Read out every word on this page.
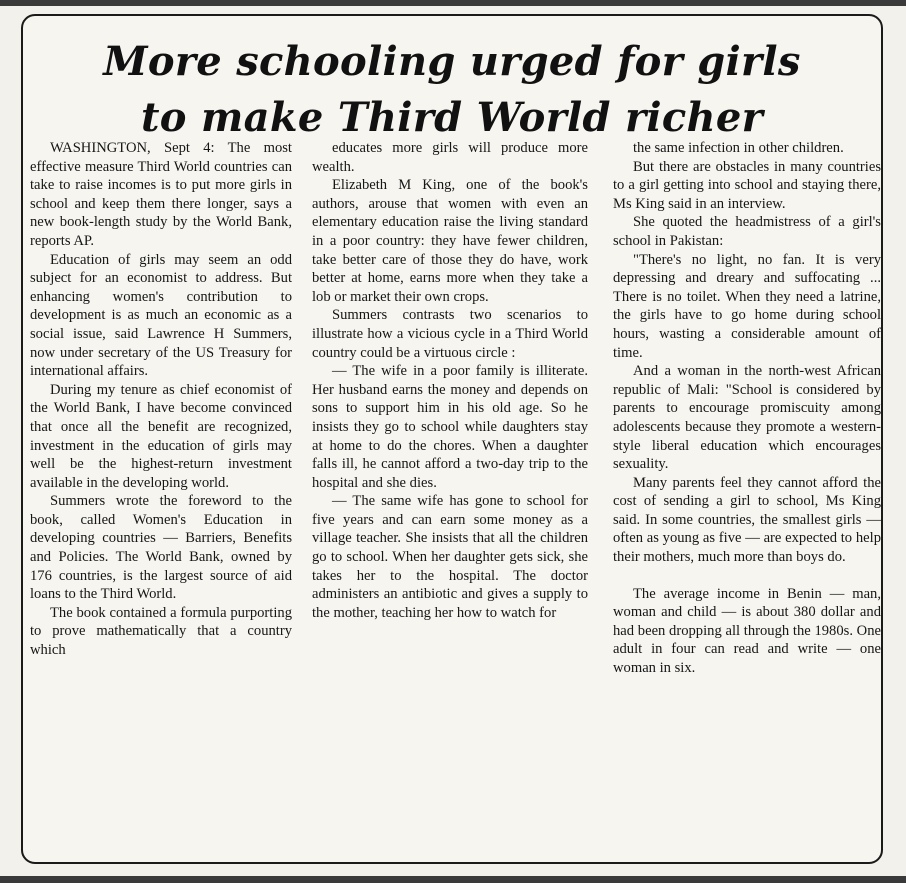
More schooling urged for girls
to make Third World richer

WASHINGTON, Sept 4: The most effective measure Third World countries can take to raise incomes is to put more girls in school and keep them there longer, says a new book-length study by the World Bank, reports AP.

Education of girls may seem an odd subject for an economist to address. But enhancing women's contribution to development is as much an economic as a social issue, said Lawrence H Summers, now under secretary of the US Treasury for international affairs.

During my tenure as chief economist of the World Bank, I have become convinced that once all the benefit are recognized, investment in the education of girls may well be the highest-return investment available in the developing world.

Summers wrote the foreword to the book, called Women's Education in developing countries — Barriers, Benefits and Policies. The World Bank, owned by 176 countries, is the largest source of aid loans to the Third World.

The book contained a formula purporting to prove mathematically that a country which

educates more girls will produce more wealth.

Elizabeth M King, one of the book's authors, arouse that women with even an elementary education raise the living standard in a poor country: they have fewer children, take better care of those they do have, work better at home, earns more when they take a lob or market their own crops.

Summers contrasts two scenarios to illustrate how a vicious cycle in a Third World country could be a virtuous circle :

— The wife in a poor family is illiterate. Her husband earns the money and depends on sons to support him in his old age. So he insists they go to school while daughters stay at home to do the chores. When a daughter falls ill, he cannot afford a two-day trip to the hospital and she dies.

— The same wife has gone to school for five years and can earn some money as a village teacher. She insists that all the children go to school. When her daughter gets sick, she takes her to the hospital. The doctor administers an antibiotic and gives a supply to the mother, teaching her how to watch for

the same infection in other children.

But there are obstacles in many countries to a girl getting into school and staying there, Ms King said in an interview.

She quoted the headmistress of a girl's school in Pakistan:

"There's no light, no fan. It is very depressing and dreary and suffocating ... There is no toilet. When they need a latrine, the girls have to go home during school hours, wasting a considerable amount of time.

And a woman in the north-west African republic of Mali: "School is considered by parents to encourage promiscuity among adolescents because they promote a western-style liberal education which encourages sexuality.

Many parents feel they cannot afford the cost of sending a girl to school, Ms King said. In some countries, the smallest girls — often as young as five — are expected to help their mothers, much more than boys do.

The average income in Benin — man, woman and child — is about 380 dollar and had been dropping all through the 1980s. One adult in four can read and write — one woman in six.
